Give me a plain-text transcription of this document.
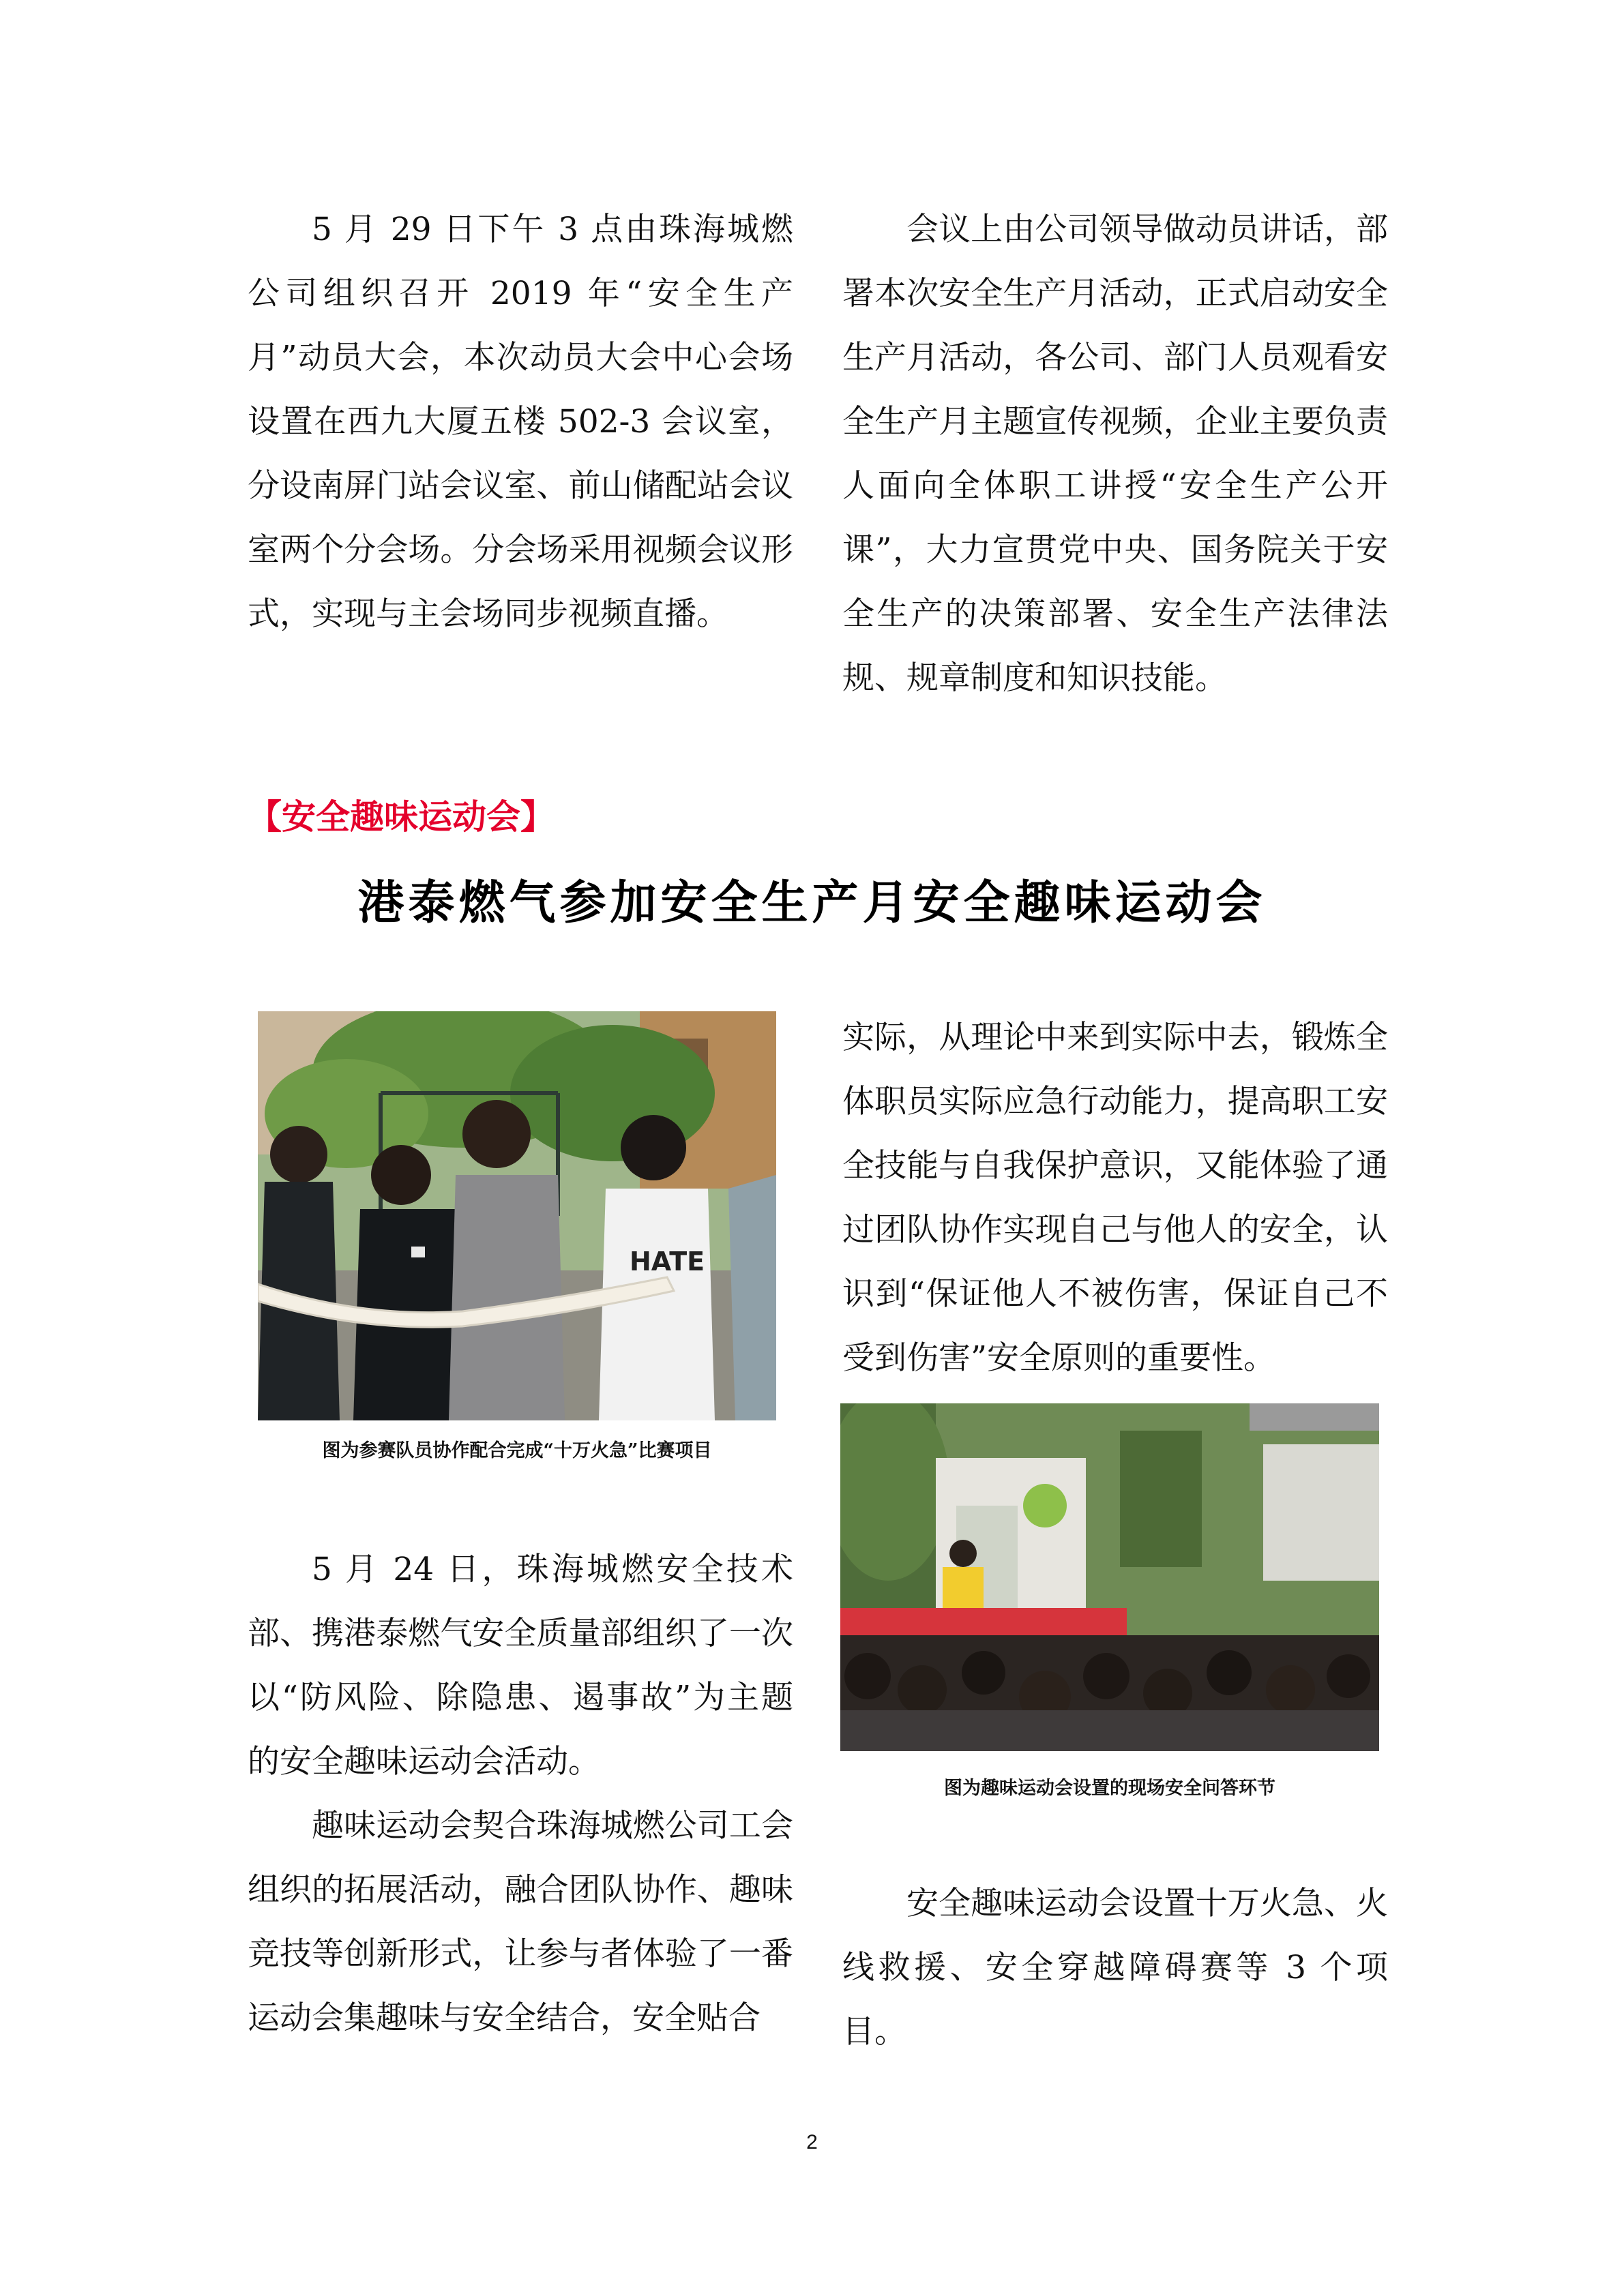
5 月 29 日下午 3 点由珠海城燃公司组织召开 2019 年“安全生产月”动员大会，本次动员大会中心会场设置在西九大厦五楼 502-3 会议室，分设南屏门站会议室、前山储配站会议室两个分会场。分会场采用视频会议形式，实现与主会场同步视频直播。

会议上由公司领导做动员讲话，部署本次安全生产月活动，正式启动安全生产月活动，各公司、部门人员观看安全生产月主题宣传视频，企业主要负责人面向全体职工讲授“安全生产公开课”，大力宣贯党中央、国务院关于安全生产的决策部署、安全生产法律法规、规章制度和知识技能。

【安全趣味运动会】
港泰燃气参加安全生产月安全趣味运动会
HATE
图为参赛队员协作配合完成“十万火急”比赛项目

实际，从理论中来到实际中去，锻炼全体职员实际应急行动能力，提高职工安全技能与自我保护意识，又能体验了通过团队协作实现自己与他人的安全，认识到“保证他人不被伤害，保证自己不受到伤害”安全原则的重要性。

图为趣味运动会设置的现场安全问答环节

5 月 24 日，珠海城燃安全技术部、携港泰燃气安全质量部组织了一次以“防风险、除隐患、遏事故”为主题的安全趣味运动会活动。

趣味运动会契合珠海城燃公司工会组织的拓展活动，融合团队协作、趣味竞技等创新形式，让参与者体验了一番运动会集趣味与安全结合，安全贴合

安全趣味运动会设置十万火急、火线救援、安全穿越障碍赛等 3 个项目。

2
